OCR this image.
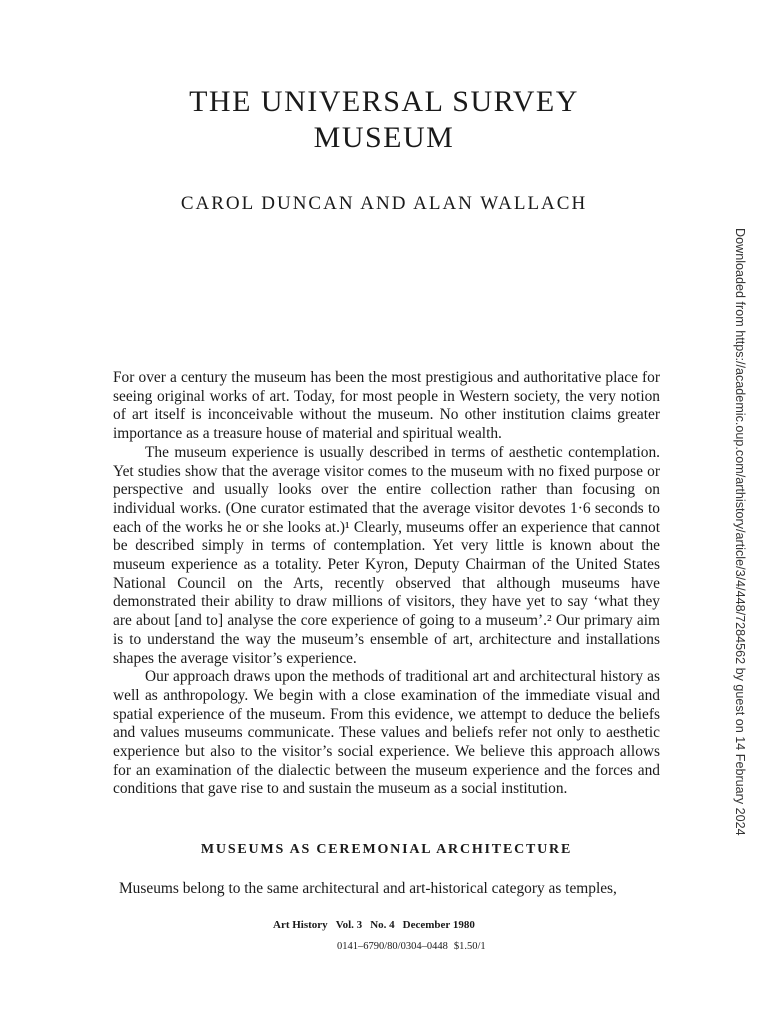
THE UNIVERSAL SURVEY
MUSEUM

CAROL DUNCAN AND ALAN WALLACH

For over a century the museum has been the most prestigious and authoritative place for seeing original works of art. Today, for most people in Western society, the very notion of art itself is inconceivable without the museum. No other institution claims greater importance as a treasure house of material and spiritual wealth.

The museum experience is usually described in terms of aesthetic contemplation. Yet studies show that the average visitor comes to the museum with no fixed purpose or perspective and usually looks over the entire collection rather than focusing on individual works. (One curator estimated that the average visitor devotes 1·6 seconds to each of the works he or she looks at.)¹ Clearly, museums offer an experience that cannot be described simply in terms of contemplation. Yet very little is known about the museum experience as a totality. Peter Kyron, Deputy Chairman of the United States National Council on the Arts, recently observed that although museums have demonstrated their ability to draw millions of visitors, they have yet to say ‘what they are about [and to] analyse the core experience of going to a museum’.² Our primary aim is to understand the way the museum’s ensemble of art, architecture and installations shapes the average visitor’s experience.

Our approach draws upon the methods of traditional art and architectural history as well as anthropology. We begin with a close examination of the immediate visual and spatial experience of the museum. From this evidence, we attempt to deduce the beliefs and values museums communicate. These values and beliefs refer not only to aesthetic experience but also to the visitor’s social experience. We believe this approach allows for an examination of the dialectic between the museum experience and the forces and conditions that gave rise to and sustain the museum as a social institution.

MUSEUMS AS CEREMONIAL ARCHITECTURE

Museums belong to the same architectural and art-historical category as temples,

Art History Vol. 3 No. 4 December 1980
0141–6790/80/0304–0448 $1.50/1
Downloaded from https://academic.oup.com/arthistory/article/3/4/448/7284562 by guest on 14 February 2024
